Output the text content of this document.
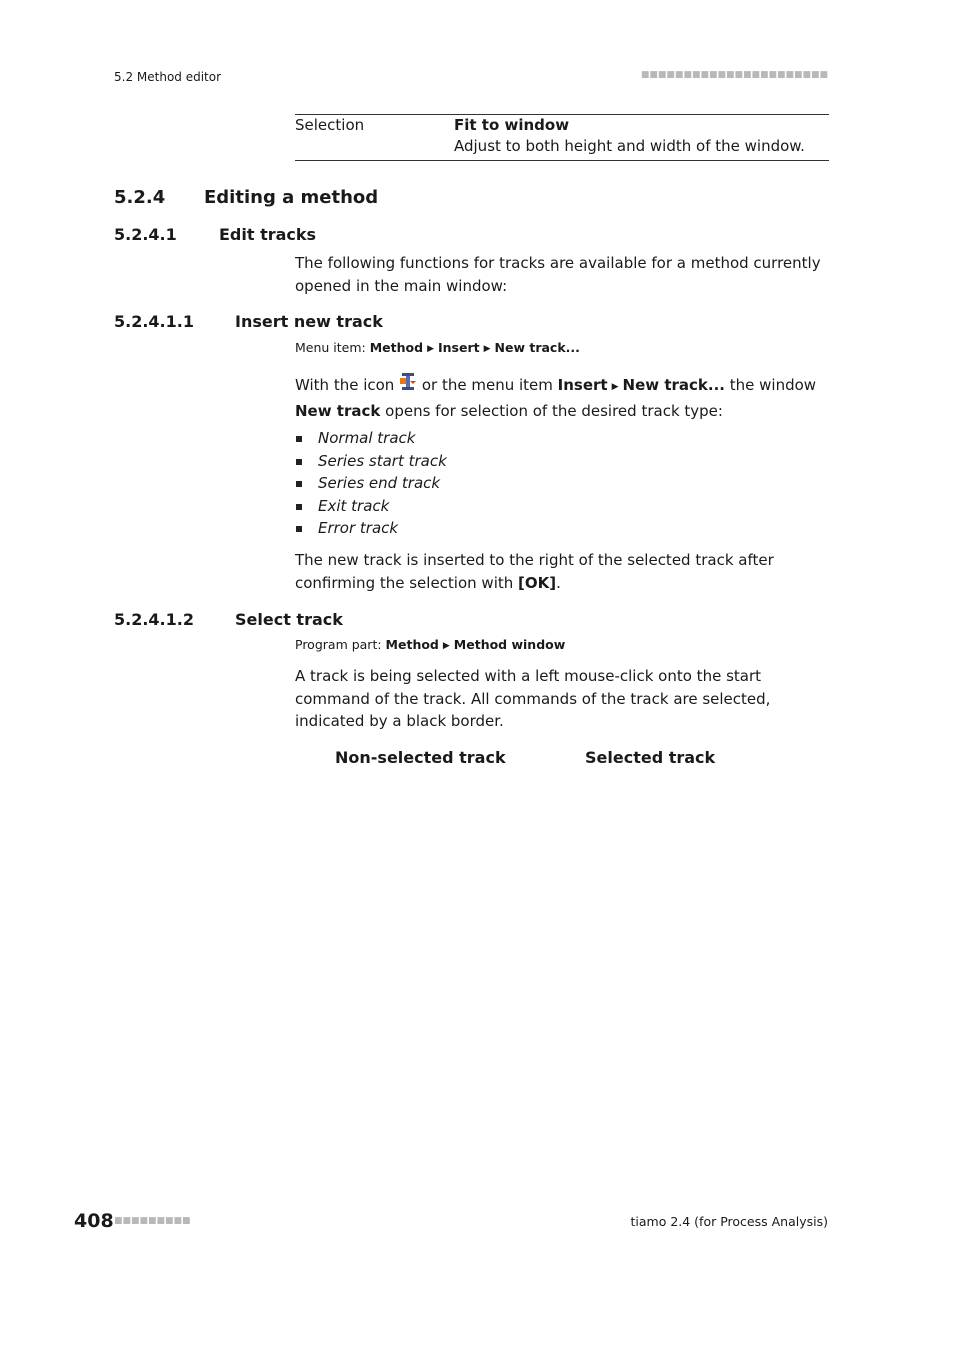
5.2 Method editor	■■■■■■■■■■■■■■■■■■■■■■
Selection	Fit to window
Adjust to both height and width of the window.
5.2.4 Editing a method
5.2.4.1	Edit tracks
The following functions for tracks are available for a method currently opened in the main window:
5.2.4.1.1	Insert new track
Menu item: Method ▶ Insert ▶ New track...
With the icon or the menu item Insert ▶ New track... the window
New track opens for selection of the desired track type:
Normal track
Series start track
Series end track
Exit track
Error track
The new track is inserted to the right of the selected track after confirming the selection with [OK].
5.2.4.1.2	Select track
Program part: Method ▶ Method window
A track is being selected with a left mouse-click onto the start command of the track. All commands of the track are selected, indicated by a black border.
Non-selected track	Selected track
408 ■■■■■■■■■	tiamo 2.4 (for Process Analysis)
